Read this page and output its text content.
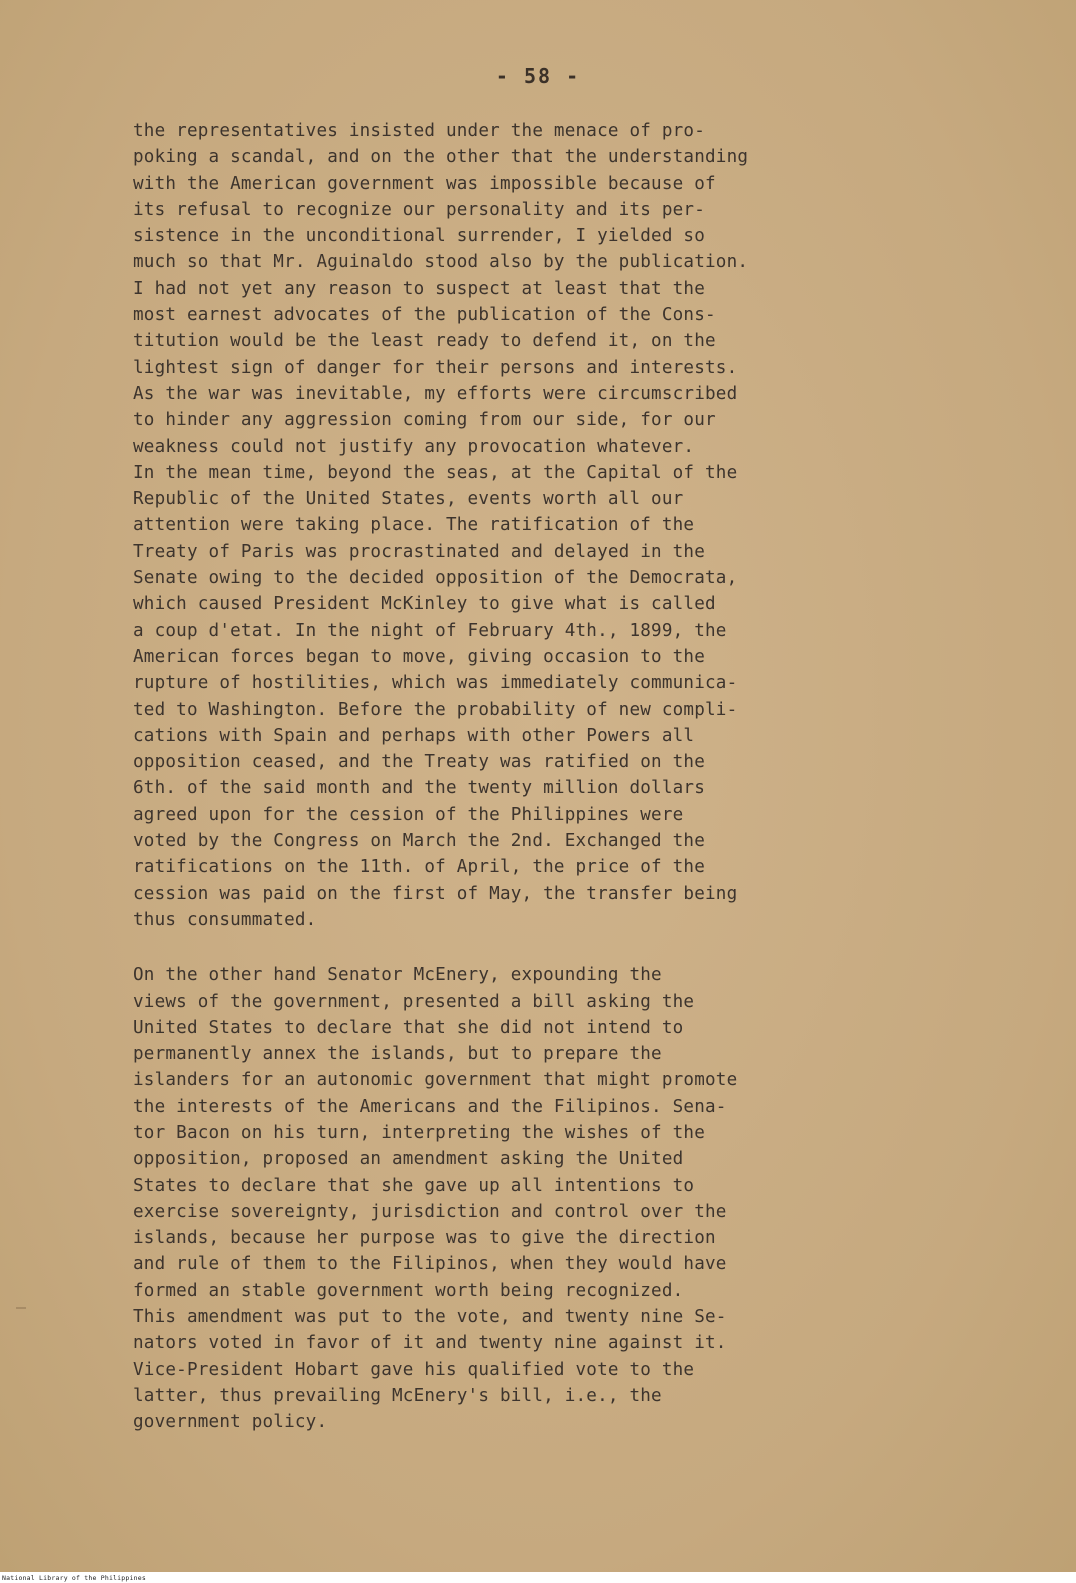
- 58 -
the representatives insisted under the menace of pro-
poking a scandal, and on the other that the understanding
with the American government was impossible because of
its refusal to recognize our personality and its per-
sistence in the unconditional surrender, I yielded so
much so that Mr. Aguinaldo stood also by the publication.
I had not yet any reason to suspect at least that the
most earnest advocates of the publication of the Cons-
titution would be the least ready to defend it, on the
lightest sign of danger for their persons and interests.
As the war was inevitable, my efforts were circumscribed
to hinder any aggression coming from our side, for our
weakness could not justify any provocation whatever.
In the mean time, beyond the seas, at the Capital of the
Republic of the United States, events worth all our
attention were taking place. The ratification of the
Treaty of Paris was procrastinated and delayed in the
Senate owing to the decided opposition of the Democrata,
which caused President McKinley to give what is called
a coup d'etat. In the night of February 4th., 1899, the
American forces began to move, giving occasion to the
rupture of hostilities, which was immediately communica-
ted to Washington. Before the probability of new compli-
cations with Spain and perhaps with other Powers all
opposition ceased, and the Treaty was ratified on the
6th. of the said month and the twenty million dollars
agreed upon for the cession of the Philippines were
voted by the Congress on March the 2nd. Exchanged the
ratifications on the 11th. of April, the price of the
cession was paid on the first of May, the transfer being
thus consummated.
On the other hand Senator McEnery, expounding the
views of the government, presented a bill asking the
United States to declare that she did not intend to
permanently annex the islands, but to prepare the
islanders for an autonomic government that might promote
the interests of the Americans and the Filipinos. Sena-
tor Bacon on his turn, interpreting the wishes of the
opposition, proposed an amendment asking the United
States to declare that she gave up all intentions to
exercise sovereignty, jurisdiction and control over the
islands, because her purpose was to give the direction
and rule of them to the Filipinos, when they would have
formed an stable government worth being recognized.
This amendment was put to the vote, and twenty nine Se-
nators voted in favor of it and twenty nine against it.
Vice-President Hobart gave his qualified vote to the
latter, thus prevailing McEnery's bill, i.e., the
government policy.
National Library of the Philippines
